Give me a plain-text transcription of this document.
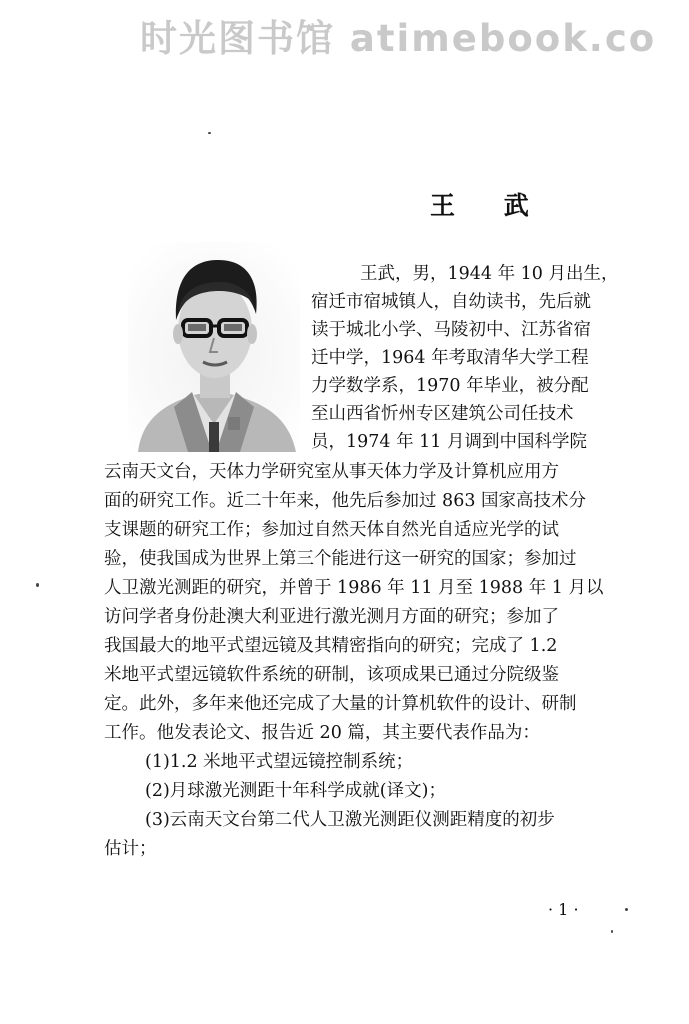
时光图书馆 atimebook.co
王 武
王武，男，1944 年 10 月出生，
宿迁市宿城镇人，自幼读书，先后就
读于城北小学、马陵初中、江苏省宿
迁中学，1964 年考取清华大学工程
力学数学系，1970 年毕业，被分配
至山西省忻州专区建筑公司任技术
员，1974 年 11 月调到中国科学院
云南天文台，天体力学研究室从事天体力学及计算机应用方
面的研究工作。近二十年来，他先后参加过 863 国家高技术分
支课题的研究工作；参加过自然天体自然光自适应光学的试
验，使我国成为世界上第三个能进行这一研究的国家；参加过
人卫激光测距的研究，并曾于 1986 年 11 月至 1988 年 1 月以
访问学者身份赴澳大利亚进行激光测月方面的研究；参加了
我国最大的地平式望远镜及其精密指向的研究；完成了 1.2
米地平式望远镜软件系统的研制，该项成果已通过分院级鉴
定。此外，多年来他还完成了大量的计算机软件的设计、研制
工作。他发表论文、报告近 20 篇，其主要代表作品为：
(1)1.2 米地平式望远镜控制系统；
(2)月球激光测距十年科学成就(译文)；
(3)云南天文台第二代人卫激光测距仪测距精度的初步
估计；
· 1 ·
